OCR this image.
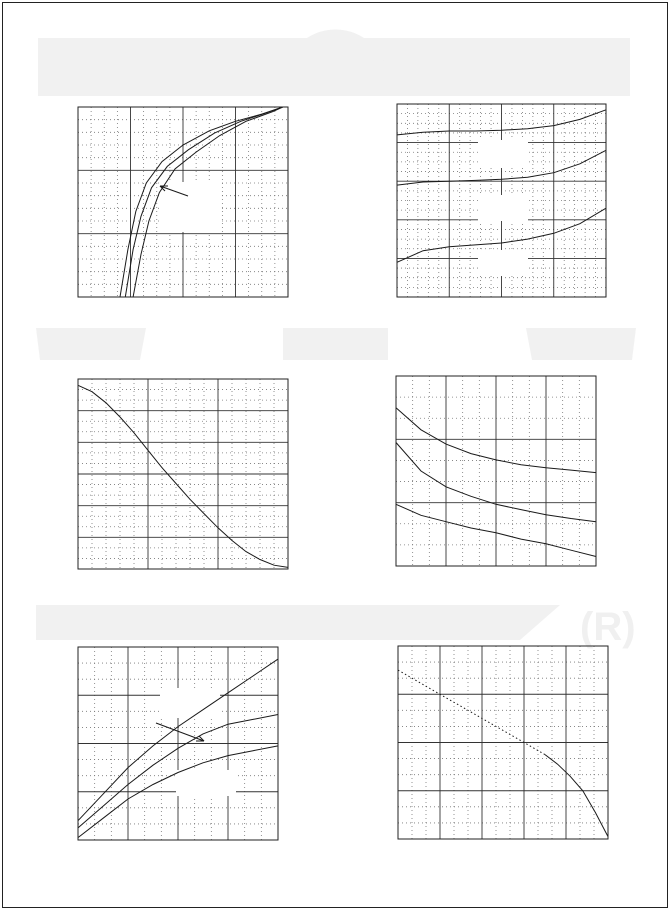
(R)
